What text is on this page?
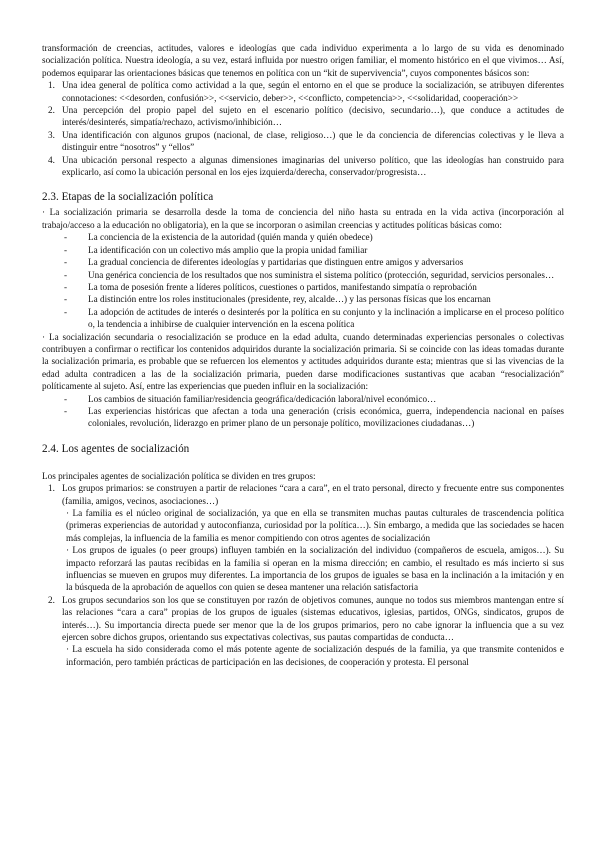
transformación de creencias, actitudes, valores e ideologías que cada individuo experimenta a lo largo de su vida es denominado socialización política. Nuestra ideología, a su vez, estará influida por nuestro origen familiar, el momento histórico en el que vivimos… Así, podemos equiparar las orientaciones básicas que tenemos en política con un “kit de supervivencia”, cuyos componentes básicos son:

1. Una idea general de política como actividad a la que, según el entorno en el que se produce la socialización, se atribuyen diferentes connotaciones: <<desorden, confusión>>, <<servicio, deber>>, <<conflicto, competencia>>, <<solidaridad, cooperación>>
2. Una percepción del propio papel del sujeto en el escenario político (decisivo, secundario…), que conduce a actitudes de interés/desinterés, simpatía/rechazo, activismo/inhibición…
3. Una identificación con algunos grupos (nacional, de clase, religioso…) que le da conciencia de diferencias colectivas y le lleva a distinguir entre “nosotros” y “ellos”
4. Una ubicación personal respecto a algunas dimensiones imaginarias del universo político, que las ideologías han construido para explicarlo, así como la ubicación personal en los ejes izquierda/derecha, conservador/progresista…
2.3. Etapas de la socialización política

· La socialización primaria se desarrolla desde la toma de conciencia del niño hasta su entrada en la vida activa (incorporación al trabajo/acceso a la educación no obligatoria), en la que se incorporan o asimilan creencias y actitudes políticas básicas como:

- La conciencia de la existencia de la autoridad (quién manda y quién obedece)
- La identificación con un colectivo más amplio que la propia unidad familiar
- La gradual conciencia de diferentes ideologías y partidarias que distinguen entre amigos y adversarios
- Una genérica conciencia de los resultados que nos suministra el sistema político (protección, seguridad, servicios personales…
- La toma de posesión frente a líderes políticos, cuestiones o partidos, manifestando simpatía o reprobación
- La distinción entre los roles institucionales (presidente, rey, alcalde…) y las personas físicas que los encarnan
- La adopción de actitudes de interés o desinterés por la política en su conjunto y la inclinación a implicarse en el proceso político o, la tendencia a inhibirse de cualquier intervención en la escena política

· La socialización secundaria o resocialización se produce en la edad adulta, cuando determinadas experiencias personales o colectivas contribuyen a confirmar o rectificar los contenidos adquiridos durante la socialización primaria. Si se coincide con las ideas tomadas durante la socialización primaria, es probable que se refuercen los elementos y actitudes adquiridos durante esta; mientras que si las vivencias de la edad adulta contradicen a las de la socialización primaria, pueden darse modificaciones sustantivas que acaban “resocialización” políticamente al sujeto. Así, entre las experiencias que pueden influir en la socialización:

- Los cambios de situación familiar/residencia geográfica/dedicación laboral/nivel económico…
- Las experiencias históricas que afectan a toda una generación (crisis económica, guerra, independencia nacional en países coloniales, revolución, liderazgo en primer plano de un personaje político, movilizaciones ciudadanas…)
2.4. Los agentes de socialización

Los principales agentes de socialización política se dividen en tres grupos:

1. Los grupos primarios: se construyen a partir de relaciones “cara a cara”, en el trato personal, directo y frecuente entre sus componentes (familia, amigos, vecinos, asociaciones…)
· La familia es el núcleo original de socialización, ya que en ella se transmiten muchas pautas culturales de trascendencia política (primeras experiencias de autoridad y autoconfianza, curiosidad por la política…). Sin embargo, a medida que las sociedades se hacen más complejas, la influencia de la familia es menor compitiendo con otros agentes de socialización
· Los grupos de iguales (o peer groups) influyen también en la socialización del individuo (compañeros de escuela, amigos…). Su impacto reforzará las pautas recibidas en la familia si operan en la misma dirección; en cambio, el resultado es más incierto si sus influencias se mueven en grupos muy diferentes. La importancia de los grupos de iguales se basa en la inclinación a la imitación y en la búsqueda de la aprobación de aquellos con quien se desea mantener una relación satisfactoria
2. Los grupos secundarios son los que se constituyen por razón de objetivos comunes, aunque no todos sus miembros mantengan entre sí las relaciones “cara a cara” propias de los grupos de iguales (sistemas educativos, iglesias, partidos, ONGs, sindicatos, grupos de interés…). Su importancia directa puede ser menor que la de los grupos primarios, pero no cabe ignorar la influencia que a su vez ejercen sobre dichos grupos, orientando sus expectativas colectivas, sus pautas compartidas de conducta…
· La escuela ha sido considerada como el más potente agente de socialización después de la familia, ya que transmite contenidos e información, pero también prácticas de participación en las decisiones, de cooperación y protesta. El personal
